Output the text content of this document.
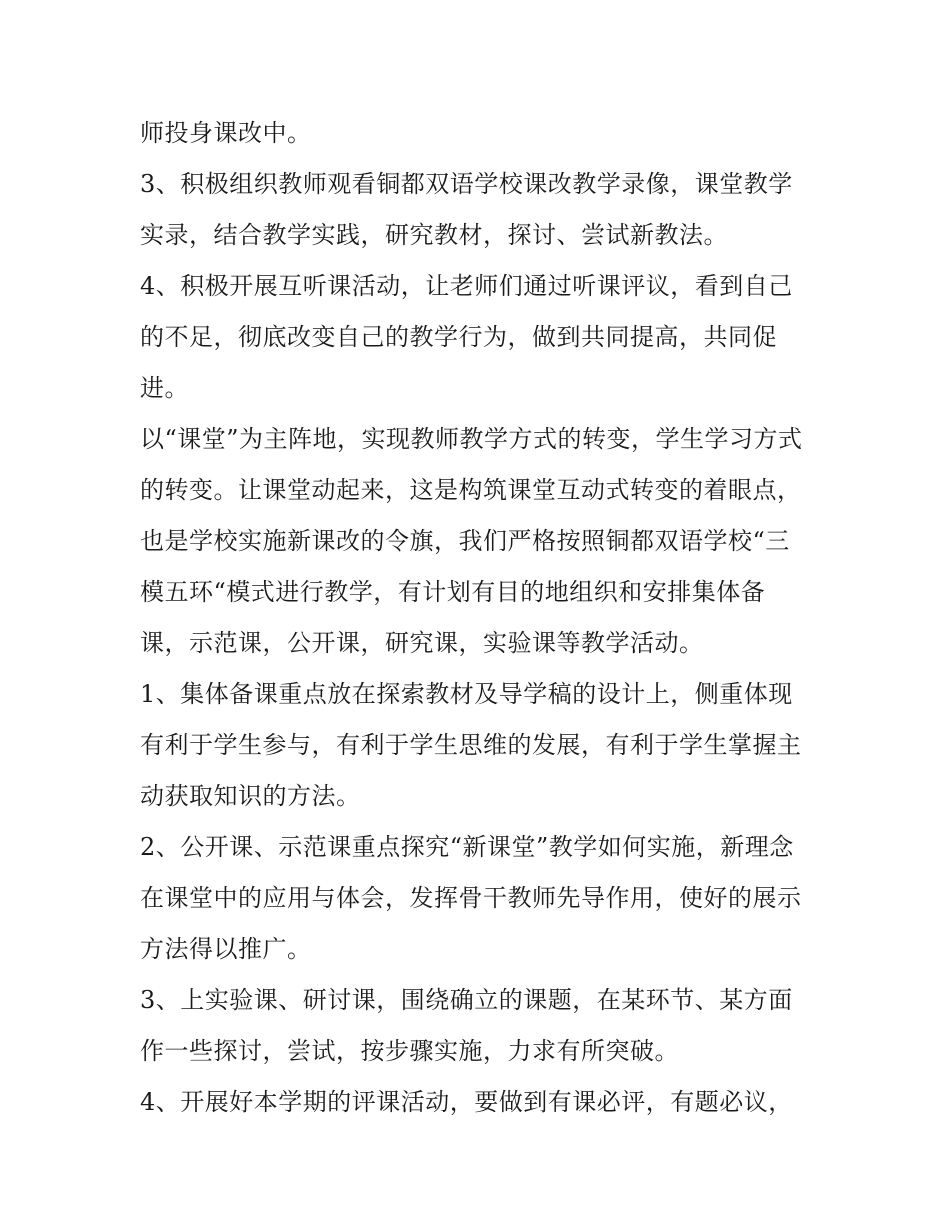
师投身课改中。
3、积极组织教师观看铜都双语学校课改教学录像，课堂教学
实录，结合教学实践，研究教材，探讨、尝试新教法。
4、积极开展互听课活动，让老师们通过听课评议，看到自己
的不足，彻底改变自己的教学行为，做到共同提高，共同促
进。
以“课堂”为主阵地，实现教师教学方式的转变，学生学习方式
的转变。让课堂动起来，这是构筑课堂互动式转变的着眼点，
也是学校实施新课改的令旗，我们严格按照铜都双语学校“三
模五环“模式进行教学，有计划有目的地组织和安排集体备
课，示范课，公开课，研究课，实验课等教学活动。
1、集体备课重点放在探索教材及导学稿的设计上，侧重体现
有利于学生参与，有利于学生思维的发展，有利于学生掌握主
动获取知识的方法。
2、公开课、示范课重点探究“新课堂”教学如何实施，新理念
在课堂中的应用与体会，发挥骨干教师先导作用，使好的展示
方法得以推广。
3、上实验课、研讨课，围绕确立的课题，在某环节、某方面
作一些探讨，尝试，按步骤实施，力求有所突破。
4、开展好本学期的评课活动，要做到有课必评，有题必议，
